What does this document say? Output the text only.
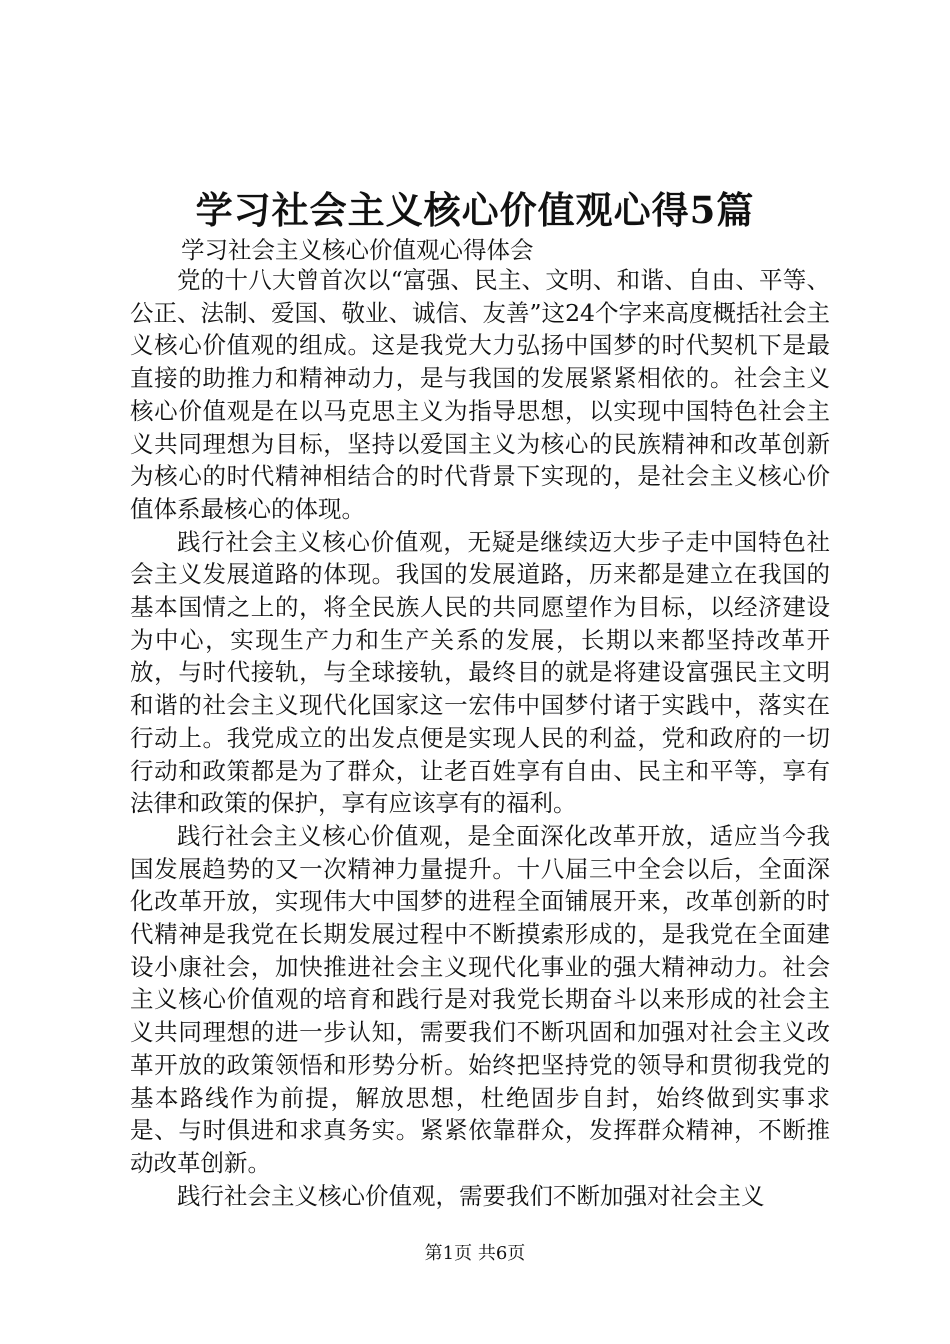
学习社会主义核心价值观心得5篇

学习社会主义核心价值观心得体会

党的十八大曾首次以“富强、民主、文明、和谐、自由、平等、公正、法制、爱国、敬业、诚信、友善”这24个字来高度概括社会主义核心价值观的组成。这是我党大力弘扬中国梦的时代契机下是最直接的助推力和精神动力，是与我国的发展紧紧相依的。社会主义核心价值观是在以马克思主义为指导思想，以实现中国特色社会主义共同理想为目标，坚持以爱国主义为核心的民族精神和改革创新为核心的时代精神相结合的时代背景下实现的，是社会主义核心价值体系最核心的体现。

践行社会主义核心价值观，无疑是继续迈大步子走中国特色社会主义发展道路的体现。我国的发展道路，历来都是建立在我国的基本国情之上的，将全民族人民的共同愿望作为目标，以经济建设为中心，实现生产力和生产关系的发展，长期以来都坚持改革开放，与时代接轨，与全球接轨，最终目的就是将建设富强民主文明和谐的社会主义现代化国家这一宏伟中国梦付诸于实践中，落实在行动上。我党成立的出发点便是实现人民的利益，党和政府的一切行动和政策都是为了群众，让老百姓享有自由、民主和平等，享有法律和政策的保护，享有应该享有的福利。

践行社会主义核心价值观，是全面深化改革开放，适应当今我国发展趋势的又一次精神力量提升。十八届三中全会以后，全面深化改革开放，实现伟大中国梦的进程全面铺展开来，改革创新的时代精神是我党在长期发展过程中不断摸索形成的，是我党在全面建设小康社会，加快推进社会主义现代化事业的强大精神动力。社会主义核心价值观的培育和践行是对我党长期奋斗以来形成的社会主义共同理想的进一步认知，需要我们不断巩固和加强对社会主义改革开放的政策领悟和形势分析。始终把坚持党的领导和贯彻我党的基本路线作为前提，解放思想，杜绝固步自封，始终做到实事求是、与时俱进和求真务实。紧紧依靠群众，发挥群众精神，不断推动改革创新。

践行社会主义核心价值观，需要我们不断加强对社会主义

第1页 共6页
